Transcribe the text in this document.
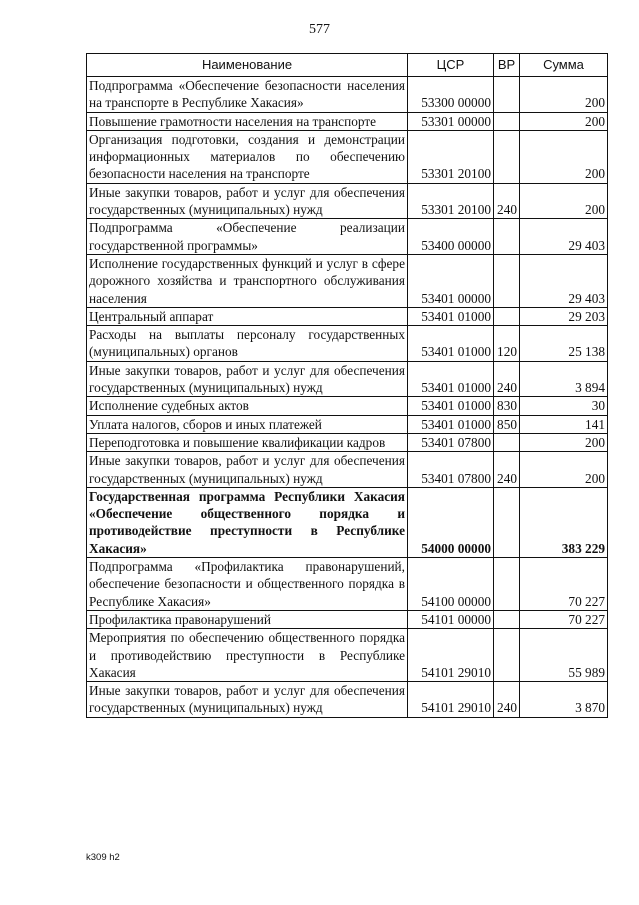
577
Наименование	ЦСР	ВР	Сумма
Подпрограмма «Обеспечение безопасности населения на транспорте в Республике Хакасия»	53300 00000		200
Повышение грамотности населения на транспорте	53301 00000		200
Организация подготовки, создания и демонстрации информационных материалов по обеспечению безопасности населения на транспорте	53301 20100		200
Иные закупки товаров, работ и услуг для обеспечения государственных (муниципальных) нужд	53301 20100	240	200
Подпрограмма «Обеспечение реализации государственной программы»	53400 00000		29 403
Исполнение государственных функций и услуг в сфере дорожного хозяйства и транспортного обслуживания населения	53401 00000		29 403
Центральный аппарат	53401 01000		29 203
Расходы на выплаты персоналу государственных (муниципальных) органов	53401 01000	120	25 138
Иные закупки товаров, работ и услуг для обеспечения государственных (муниципальных) нужд	53401 01000	240	3 894
Исполнение судебных актов	53401 01000	830	30
Уплата налогов, сборов и иных платежей	53401 01000	850	141
Переподготовка и повышение квалификации кадров	53401 07800		200
Иные закупки товаров, работ и услуг для обеспечения государственных (муниципальных) нужд	53401 07800	240	200
Государственная программа Республики Хакасия «Обеспечение общественного порядка и противодействие преступности в Республике Хакасия»	54000 00000		383 229
Подпрограмма «Профилактика правонарушений, обеспечение безопасности и общественного порядка в Республике Хакасия»	54100 00000		70 227
Профилактика правонарушений	54101 00000		70 227
Мероприятия по обеспечению общественного порядка и противодействию преступности в Республике Хакасия	54101 29010		55 989
Иные закупки товаров, работ и услуг для обеспечения государственных (муниципальных) нужд	54101 29010	240	3 870
k309 h2
